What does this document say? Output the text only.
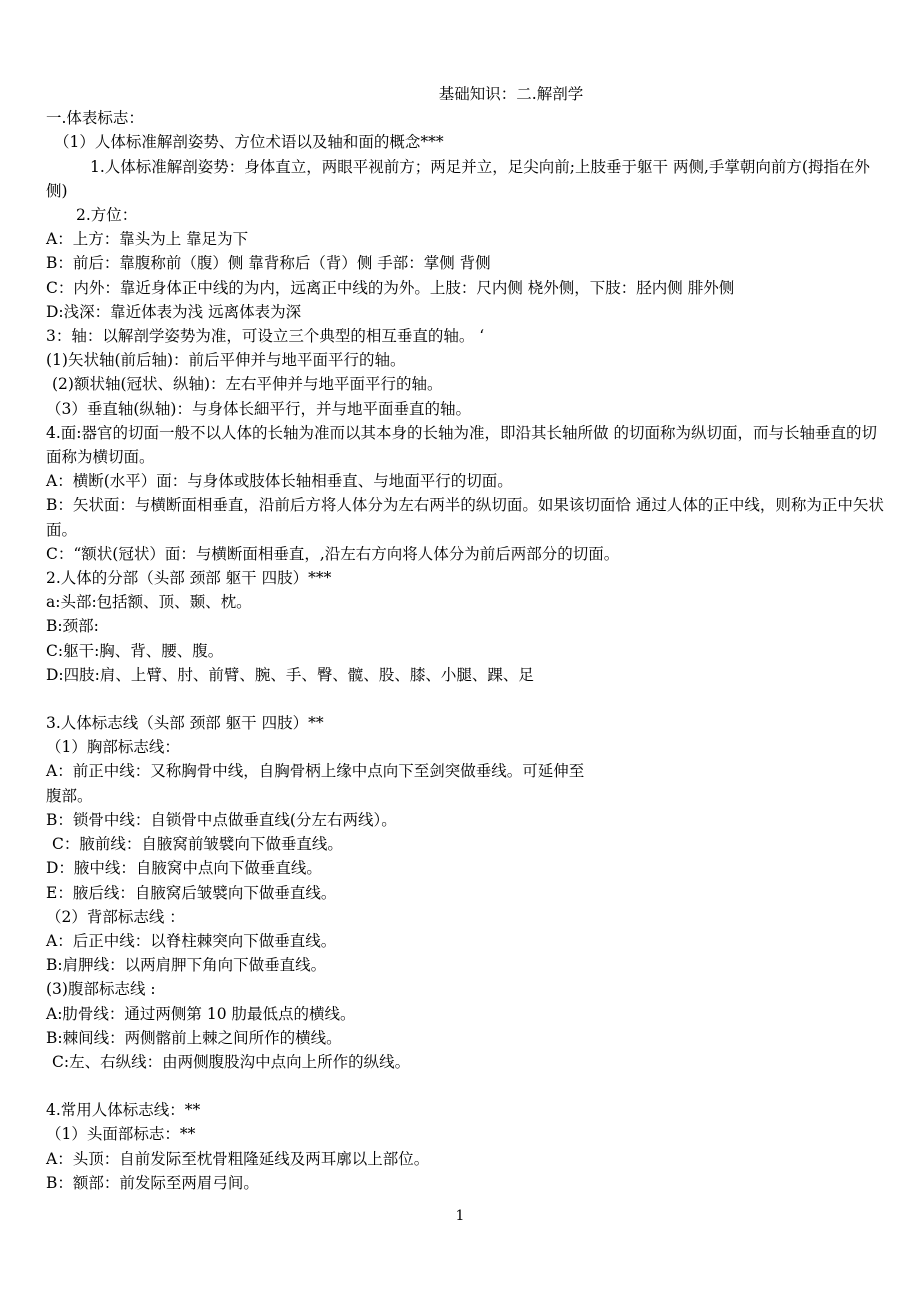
基础知识：二.解剖学
一.体表标志：
（1）人体标准解剖姿势、方位术语以及轴和面的概念***
1.人体标准解剖姿势：身体直立，两眼平视前方；两足并立，足尖向前;上肢垂于躯干 两侧,手掌朝向前方(拇指在外侧)
2.方位：
A：上方：靠头为上 靠足为下
B：前后：靠腹称前（腹）侧 靠背称后（背）侧 手部：掌侧 背侧
C：内外：靠近身体正中线的为内，远离正中线的为外。上肢：尺内侧 桡外侧，下肢：胫内侧 腓外侧
D:浅深：靠近体表为浅 远离体表为深
3：轴：以解剖学姿势为准，可设立三个典型的相互垂直的轴。 ‘
(1)矢状轴(前后轴)：前后平伸并与地平面平行的轴。
(2)额状轴(冠状、纵轴)：左右平伸并与地平面平行的轴。
（3）垂直轴(纵轴)：与身体长細平行，并与地平面垂直的轴。
4.面:器官的切面一般不以人体的长轴为准而以其本身的长轴为准，即沿其长轴所做 的切面称为纵切面，而与长轴垂直的切面称为横切面。
A：横断(水平）面：与身体或肢体长轴相垂直、与地面平行的切面。
B：矢状面：与横断面相垂直，沿前后方将人体分为左右两半的纵切面。如果该切面恰 通过人体的正中线，则称为正中矢状面。
C：“额状(冠状）面：与横断面相垂直，,沿左右方向将人体分为前后两部分的切面。
2.人体的分部（头部 颈部 躯干 四肢）***
a:头部:包括额、顶、颞、枕。
B:颈部:
C:躯干:胸、背、腰、腹。
D:四肢:肩、上臂、肘、前臂、腕、手、臀、髋、股、膝、小腿、踝、足
3.人体标志线（头部 颈部 躯干 四肢）**
（1）胸部标志线：
A：前正中线：又称胸骨中线，自胸骨柄上缘中点向下至剑突做垂线。可延伸至
腹部。
B：锁骨中线：自锁骨中点做垂直线(分左右两线）。
C：腋前线：自腋窝前皱襞向下做垂直线。
D：腋中线：自腋窝中点向下做垂直线。
E：腋后线：自腋窝后皱襞向下做垂直线。
（2）背部标志线 ：
A：后正中线：以脊柱棘突向下做垂直线。
B:肩胛线：以两肩胛下角向下做垂直线。
(3)腹部标志线 :
A:肋骨线：通过两侧第 10 肋最低点的横线。
B:棘间线：两侧髂前上棘之间所作的横线。
C:左、右纵线：由两侧腹股沟中点向上所作的纵线。
4.常用人体标志线：**
（1）头面部标志：**
A：头顶：自前发际至枕骨粗隆延线及两耳廓以上部位。
B：额部：前发际至两眉弓间。
1
